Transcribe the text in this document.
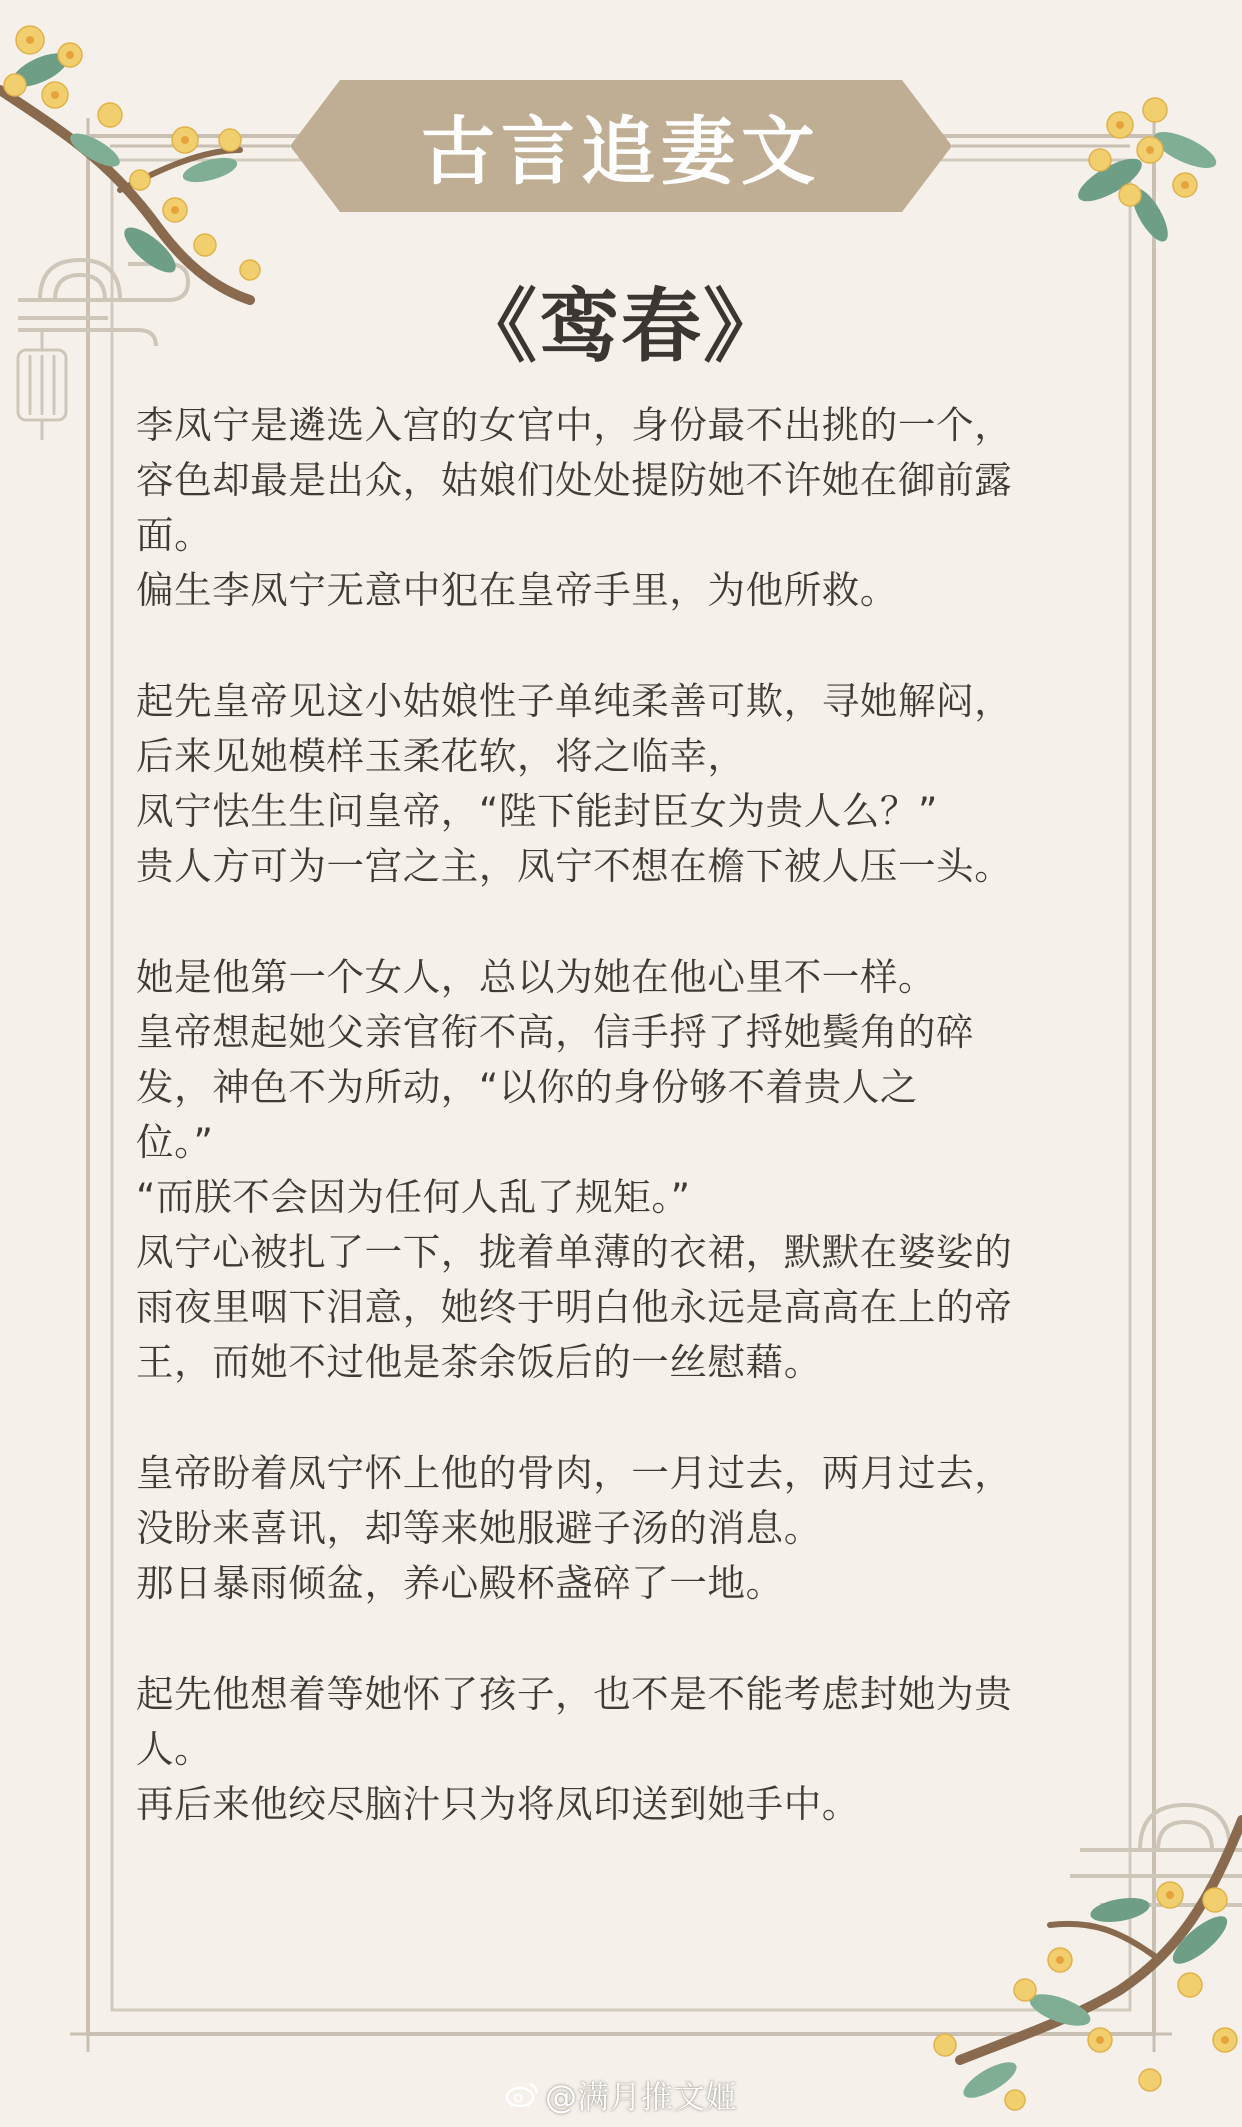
古言追妻文
《鸾春》
李凤宁是遴选入宫的女官中，身份最不出挑的一个，
容色却最是出众，姑娘们处处提防她不许她在御前露
面。
偏生李凤宁无意中犯在皇帝手里，为他所救。
起先皇帝见这小姑娘性子单纯柔善可欺，寻她解闷，
后来见她模样玉柔花软，将之临幸，
凤宁怯生生问皇帝，“陛下能封臣女为贵人么？”
贵人方可为一宫之主，凤宁不想在檐下被人压一头。
她是他第一个女人，总以为她在他心里不一样。
皇帝想起她父亲官衔不高，信手捋了捋她鬓角的碎
发，神色不为所动，“以你的身份够不着贵人之
位。”
“而朕不会因为任何人乱了规矩。”
凤宁心被扎了一下，拢着单薄的衣裙，默默在婆娑的
雨夜里咽下泪意，她终于明白他永远是高高在上的帝
王，而她不过他是茶余饭后的一丝慰藉。
皇帝盼着凤宁怀上他的骨肉，一月过去，两月过去，
没盼来喜讯，却等来她服避子汤的消息。
那日暴雨倾盆，养心殿杯盏碎了一地。
起先他想着等她怀了孩子，也不是不能考虑封她为贵
人。
再后来他绞尽脑汁只为将凤印送到她手中。
@满月推文姬
